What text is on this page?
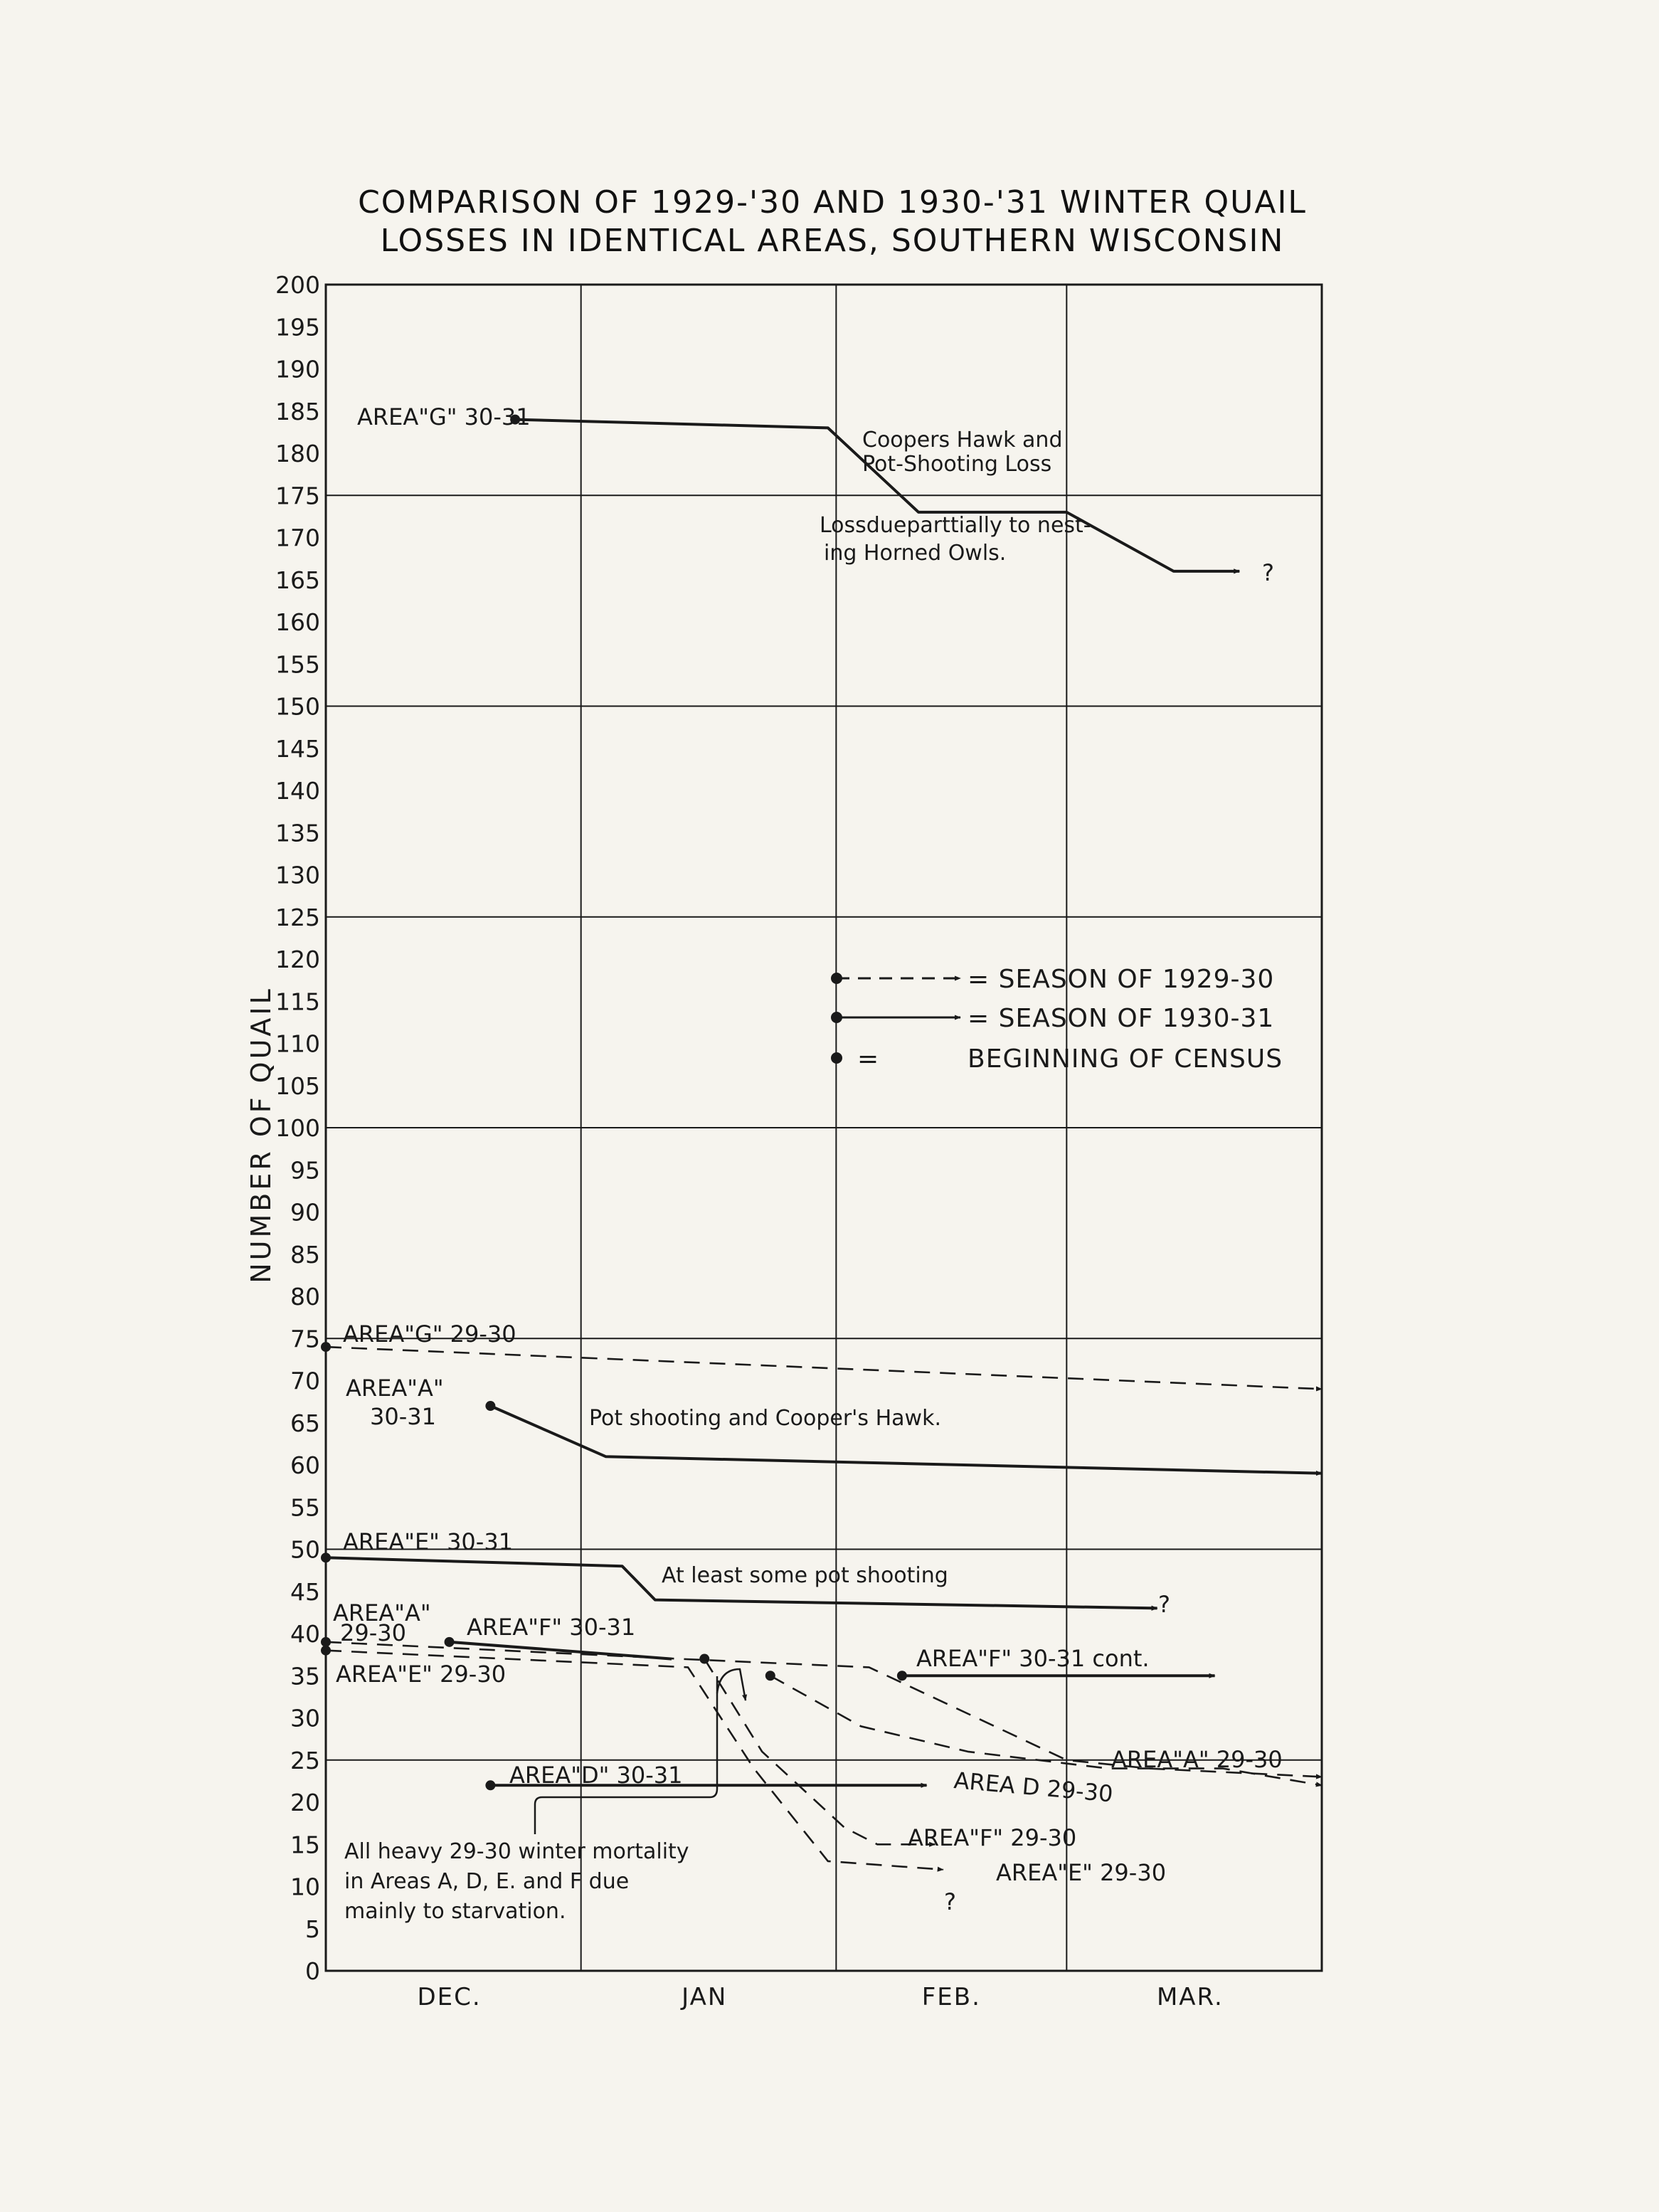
COMPARISON OF 1929-'30 AND 1930-'31 WINTER QUAIL
LOSSES IN IDENTICAL AREAS, SOUTHERN WISCONSIN
0
5
10
15
20
25
30
35
40
45
50
55
60
65
70
75
80
85
90
95
100
105
110
115
120
125
130
135
140
145
150
155
160
165
170
175
180
185
190
195
200
DEC.	JAN	FEB.	MAR.
NUMBER OF QUAIL
= SEASON OF 1929-30
= SEASON OF 1930-31
=	BEGINNING OF CENSUS
AREA"G" 30-31
AREA"G" 29-30
AREA"A"
30-31
AREA"E" 30-31
AREA"A"
29-30
AREA"E" 29-30
AREA"F" 30-31
AREA"F" 30-31 cont.
AREA D 29-30
AREA"A" 29-30
AREA"D" 30-31
AREA"F" 29-30
AREA"E" 29-30
Coopers Hawk and
Pot-Shooting Loss
Lossdueparttially to nest-
ing Horned Owls.
Pot shooting and Cooper's Hawk.
At least some pot shooting
All heavy 29-30 winter mortality
in Areas A, D, E. and F due
mainly to starvation.
?
?
?
